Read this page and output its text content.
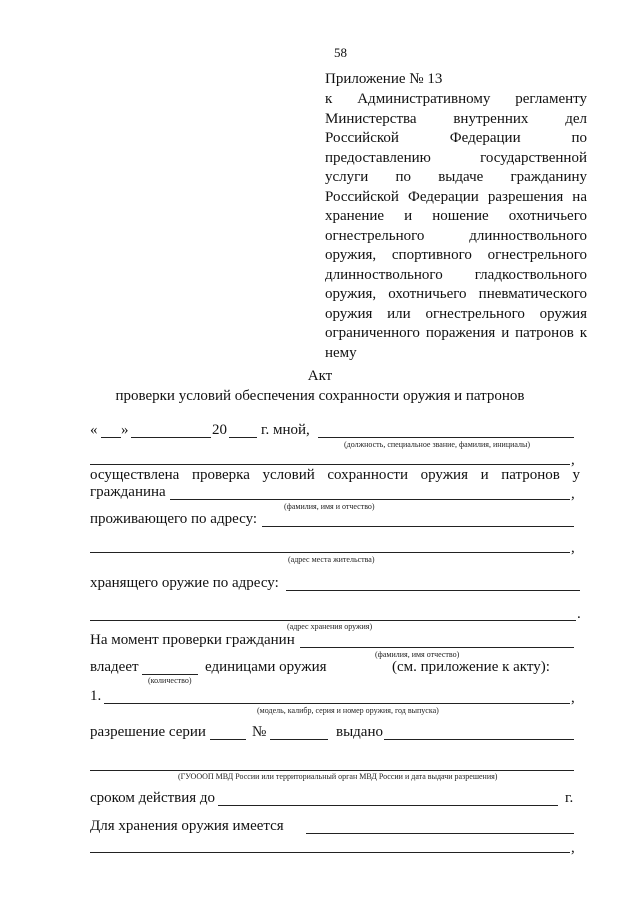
58
Приложение № 13
к Административному регламенту
Министерства внутренних дел
Российской Федерации по
предоставлению государственной
услуги по выдаче гражданину
Российской Федерации разрешения на
хранение и ношение охотничьего
огнестрельного длинноствольного
оружия, спортивного огнестрельного
длинноствольного гладкоствольного
оружия, охотничьего пневматического
оружия или огнестрельного оружия
ограниченного поражения и патронов к
нему
Акт
проверки условий обеспечения сохранности оружия и патронов
« »	20 г. мной,
(должность, специальное звание, фамилия, инициалы)
,
осуществлена проверка условий сохранности оружия и патронов у
гражданина	,
(фамилия, имя и отчество)
проживающего по адресу:
,
(адрес места жительства)
хранящего оружие по адресу:
.
(адрес хранения оружия)
На момент проверки гражданин
(фамилия, имя отчество)
владеет	единицами оружия	(см. приложение к акту):
(количество)
1.	,
(модель, калибр, серия и номер оружия, год выпуска)
разрешение серии	№	выдано
(ГУОООП МВД России или территориальный орган МВД России и дата выдачи разрешения)
сроком действия до	г.
Для хранения оружия имеется
,
